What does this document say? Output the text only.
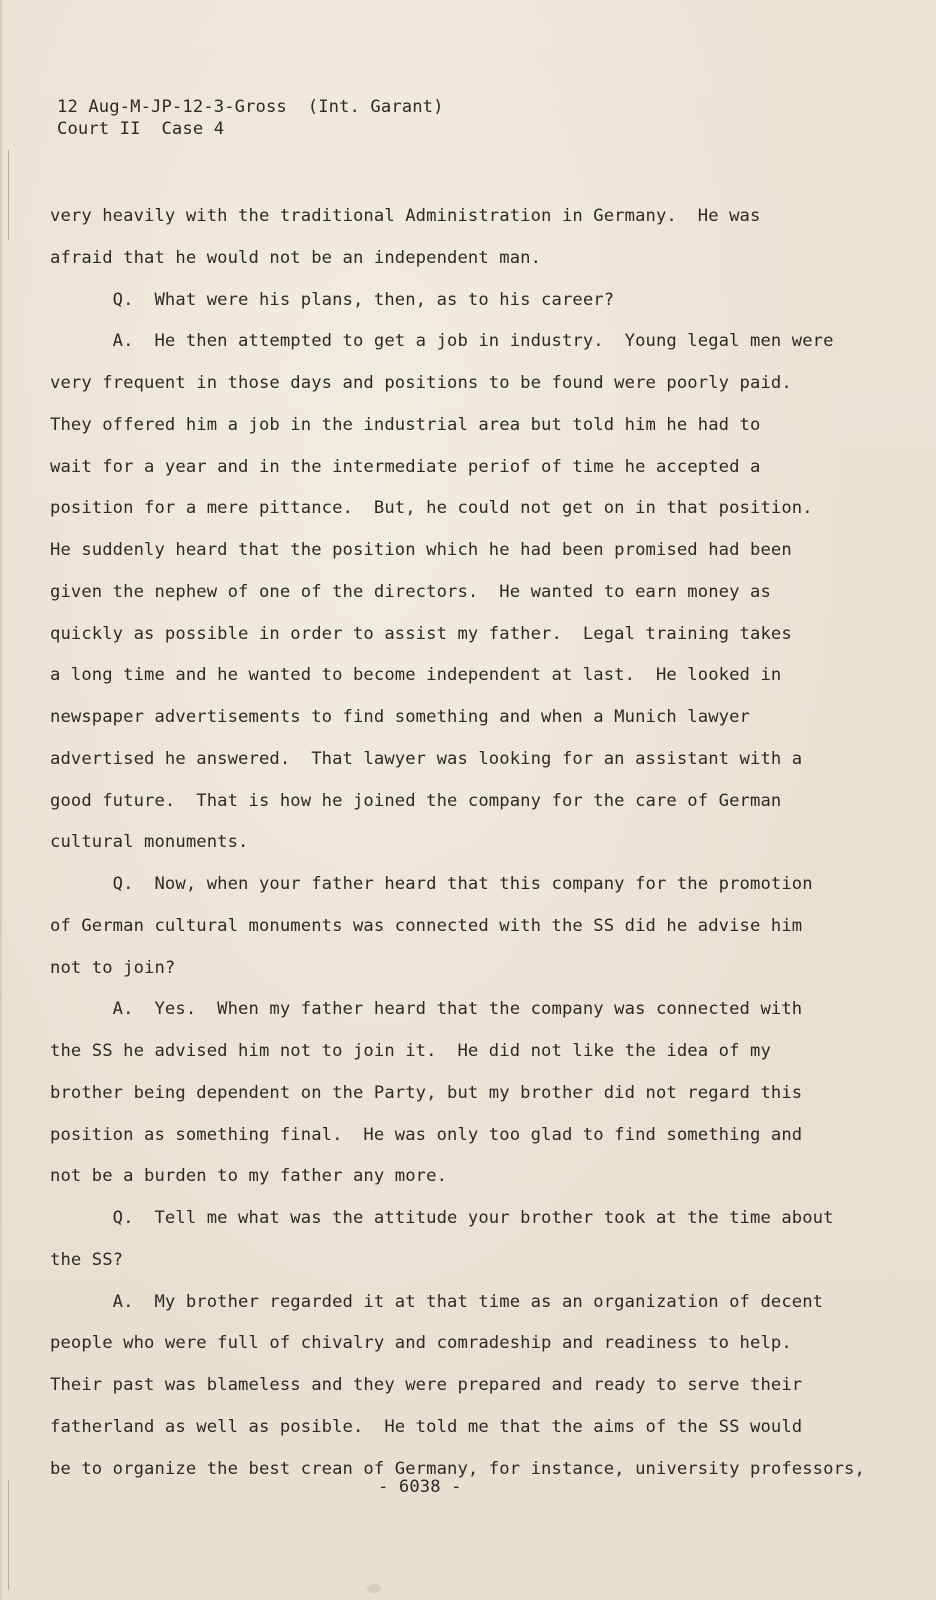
12 Aug-M-JP-12-3-Gross  (Int. Garant)
Court II  Case 4
very heavily with the traditional Administration in Germany.  He was
afraid that he would not be an independent man.
Q.  What were his plans, then, as to his career?
A.  He then attempted to get a job in industry.  Young legal men were
very frequent in those days and positions to be found were poorly paid.
They offered him a job in the industrial area but told him he had to
wait for a year and in the intermediate periof of time he accepted a
position for a mere pittance.  But, he could not get on in that position.
He suddenly heard that the position which he had been promised had been
given the nephew of one of the directors.  He wanted to earn money as
quickly as possible in order to assist my father.  Legal training takes
a long time and he wanted to become independent at last.  He looked in
newspaper advertisements to find something and when a Munich lawyer
advertised he answered.  That lawyer was looking for an assistant with a
good future.  That is how he joined the company for the care of German
cultural monuments.
Q.  Now, when your father heard that this company for the promotion
of German cultural monuments was connected with the SS did he advise him
not to join?
A.  Yes.  When my father heard that the company was connected with
the SS he advised him not to join it.  He did not like the idea of my
brother being dependent on the Party, but my brother did not regard this
position as something final.  He was only too glad to find something and
not be a burden to my father any more.
Q.  Tell me what was the attitude your brother took at the time about
the SS?
A.  My brother regarded it at that time as an organization of decent
people who were full of chivalry and comradeship and readiness to help.
Their past was blameless and they were prepared and ready to serve their
fatherland as well as posible.  He told me that the aims of the SS would
be to organize the best crean of Germany, for instance, university professors,
- 6038 -
